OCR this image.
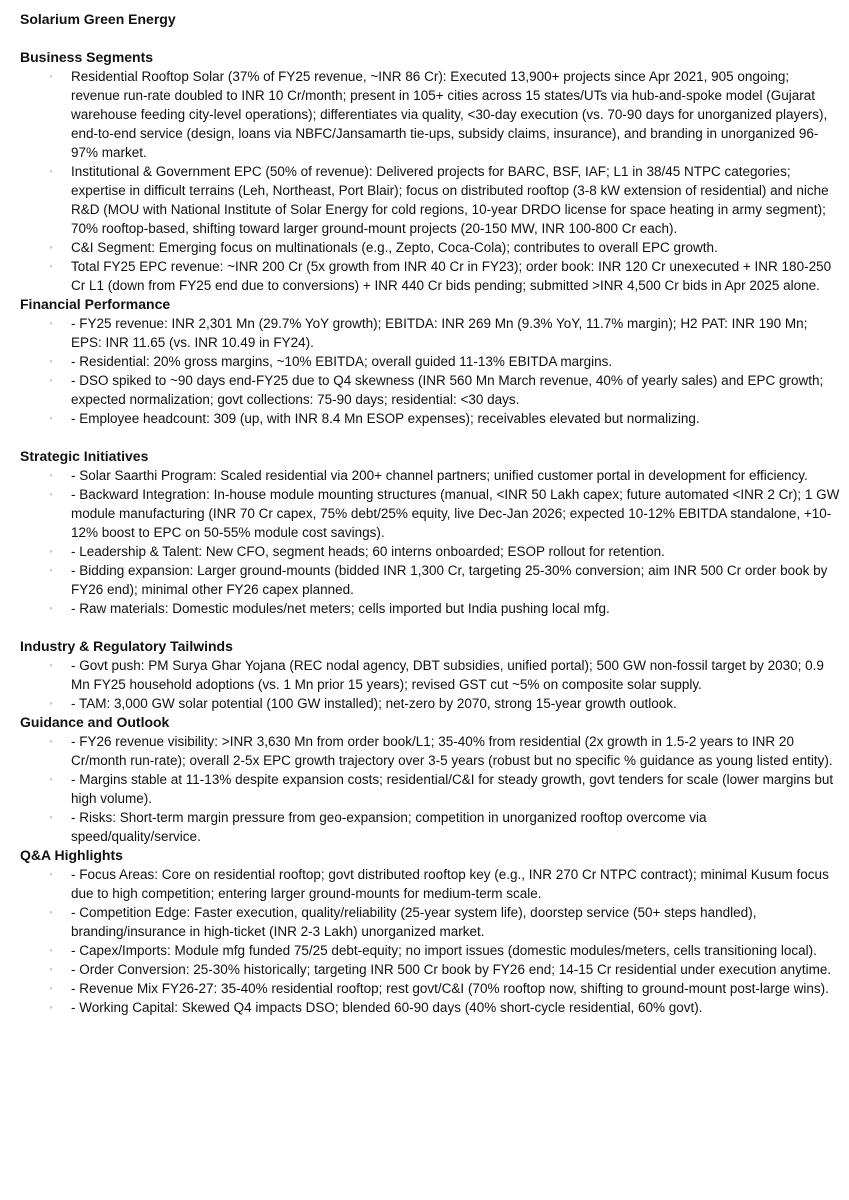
Solarium Green Energy
Business Segments
◦	Residential Rooftop Solar (37% of FY25 revenue, ~INR 86 Cr): Executed 13,900+ projects since Apr 2021, 905 ongoing; revenue run-rate doubled to INR 10 Cr/month; present in 105+ cities across 15 states/UTs via hub-and-spoke model (Gujarat warehouse feeding city-level operations); differentiates via quality, <30-day execution (vs. 70-90 days for unorganized players), end-to-end service (design, loans via NBFC/Jansamarth tie-ups, subsidy claims, insurance), and branding in unorganized 96-97% market.
◦	Institutional & Government EPC (50% of revenue): Delivered projects for BARC, BSF, IAF; L1 in 38/45 NTPC categories; expertise in difficult terrains (Leh, Northeast, Port Blair); focus on distributed rooftop (3-8 kW extension of residential) and niche R&D (MOU with National Institute of Solar Energy for cold regions, 10-year DRDO license for space heating in army segment); 70% rooftop-based, shifting toward larger ground-mount projects (20-150 MW, INR 100-800 Cr each).
◦	C&I Segment: Emerging focus on multinationals (e.g., Zepto, Coca-Cola); contributes to overall EPC growth.
◦	Total FY25 EPC revenue: ~INR 200 Cr (5x growth from INR 40 Cr in FY23); order book: INR 120 Cr unexecuted + INR 180-250 Cr L1 (down from FY25 end due to conversions) + INR 440 Cr bids pending; submitted >INR 4,500 Cr bids in Apr 2025 alone.
Financial Performance
◦	- FY25 revenue: INR 2,301 Mn (29.7% YoY growth); EBITDA: INR 269 Mn (9.3% YoY, 11.7% margin); H2 PAT: INR 190 Mn; EPS: INR 11.65 (vs. INR 10.49 in FY24).
◦	- Residential: 20% gross margins, ~10% EBITDA; overall guided 11-13% EBITDA margins.
◦	- DSO spiked to ~90 days end-FY25 due to Q4 skewness (INR 560 Mn March revenue, 40% of yearly sales) and EPC growth; expected normalization; govt collections: 75-90 days; residential: <30 days.
◦	- Employee headcount: 309 (up, with INR 8.4 Mn ESOP expenses); receivables elevated but normalizing.
Strategic Initiatives
◦	- Solar Saarthi Program: Scaled residential via 200+ channel partners; unified customer portal in development for efficiency.
◦	- Backward Integration: In-house module mounting structures (manual, <INR 50 Lakh capex; future automated <INR 2 Cr); 1 GW module manufacturing (INR 70 Cr capex, 75% debt/25% equity, live Dec-Jan 2026; expected 10-12% EBITDA standalone, +10-12% boost to EPC on 50-55% module cost savings).
◦	- Leadership & Talent: New CFO, segment heads; 60 interns onboarded; ESOP rollout for retention.
◦	- Bidding expansion: Larger ground-mounts (bidded INR 1,300 Cr, targeting 25-30% conversion; aim INR 500 Cr order book by FY26 end); minimal other FY26 capex planned.
◦	- Raw materials: Domestic modules/net meters; cells imported but India pushing local mfg.
Industry & Regulatory Tailwinds
◦	- Govt push: PM Surya Ghar Yojana (REC nodal agency, DBT subsidies, unified portal); 500 GW non-fossil target by 2030; 0.9 Mn FY25 household adoptions (vs. 1 Mn prior 15 years); revised GST cut ~5% on composite solar supply.
◦	- TAM: 3,000 GW solar potential (100 GW installed); net-zero by 2070, strong 15-year growth outlook.
Guidance and Outlook
◦	- FY26 revenue visibility: >INR 3,630 Mn from order book/L1; 35-40% from residential (2x growth in 1.5-2 years to INR 20 Cr/month run-rate); overall 2-5x EPC growth trajectory over 3-5 years (robust but no specific % guidance as young listed entity).
◦	- Margins stable at 11-13% despite expansion costs; residential/C&I for steady growth, govt tenders for scale (lower margins but high volume).
◦	- Risks: Short-term margin pressure from geo-expansion; competition in unorganized rooftop overcome via speed/quality/service.
Q&A Highlights
◦	- Focus Areas: Core on residential rooftop; govt distributed rooftop key (e.g., INR 270 Cr NTPC contract); minimal Kusum focus due to high competition; entering larger ground-mounts for medium-term scale.
◦	- Competition Edge: Faster execution, quality/reliability (25-year system life), doorstep service (50+ steps handled), branding/insurance in high-ticket (INR 2-3 Lakh) unorganized market.
◦	- Capex/Imports: Module mfg funded 75/25 debt-equity; no import issues (domestic modules/meters, cells transitioning local).
◦	- Order Conversion: 25-30% historically; targeting INR 500 Cr book by FY26 end; 14-15 Cr residential under execution anytime.
◦	- Revenue Mix FY26-27: 35-40% residential rooftop; rest govt/C&I (70% rooftop now, shifting to ground-mount post-large wins).
◦	- Working Capital: Skewed Q4 impacts DSO; blended 60-90 days (40% short-cycle residential, 60% govt).
